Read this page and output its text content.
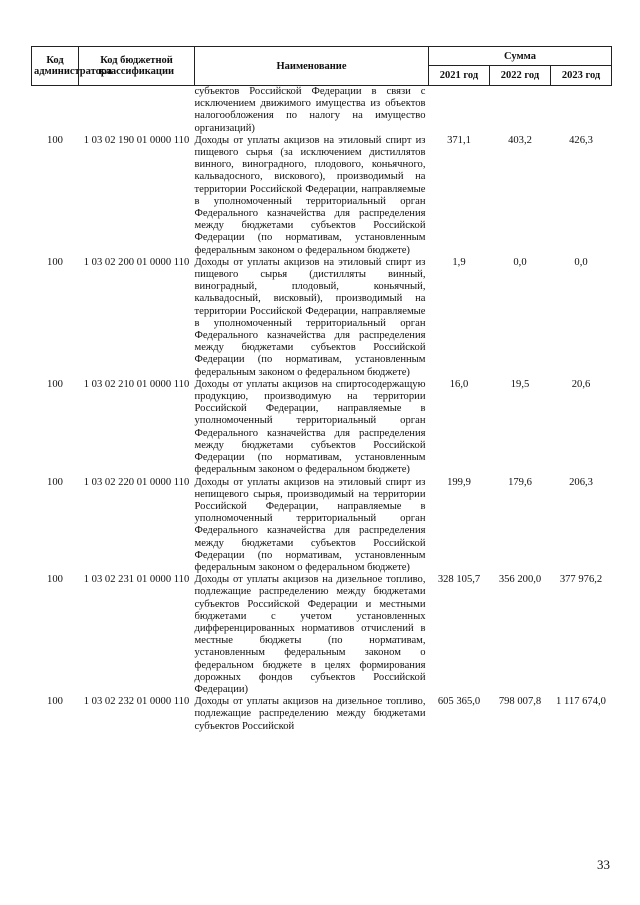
Код администратора	Код бюджетной классификации	Наименование	Сумма		
			2021 год	2022 год	2023 год
		субъектов Российской Федерации в связи с исключением движимого имущества из объектов налогообложения по налогу на имущество организаций)			
100	1 03 02 190 01 0000 110	Доходы от уплаты акцизов на этиловый спирт из пищевого сырья (за исключением дистиллятов винного, виноградного, плодового, коньячного, кальвадосного, вискового), производимый на территории Российской Федерации, направляемые в уполномоченный территориальный орган Федерального казначейства для распределения между бюджетами субъектов Российской Федерации (по нормативам, установленным федеральным законом о федеральном бюджете)	371,1	403,2	426,3
100	1 03 02 200 01 0000 110	Доходы от уплаты акцизов на этиловый спирт из пищевого сырья (дистилляты винный, виноградный, плодовый, коньячный, кальвадосный, висковый), производимый на территории Российской Федерации, направляемые в уполномоченный территориальный орган Федерального казначейства для распределения между бюджетами субъектов Российской Федерации (по нормативам, установленным федеральным законом о федеральном бюджете)	1,9	0,0	0,0
100	1 03 02 210 01 0000 110	Доходы от уплаты акцизов на спиртосодержащую продукцию, производимую на территории Российской Федерации, направляемые в уполномоченный территориальный орган Федерального казначейства для распределения между бюджетами субъектов Российской Федерации (по нормативам, установленным федеральным законом о федеральном бюджете)	16,0	19,5	20,6
100	1 03 02 220 01 0000 110	Доходы от уплаты акцизов на этиловый спирт из непищевого сырья, производимый на территории Российской Федерации, направляемые в уполномоченный территориальный орган Федерального казначейства для распределения между бюджетами субъектов Российской Федерации (по нормативам, установленным федеральным законом о федеральном бюджете)	199,9	179,6	206,3
100	1 03 02 231 01 0000 110	Доходы от уплаты акцизов на дизельное топливо, подлежащие распределению между бюджетами субъектов Российской Федерации и местными бюджетами с учетом установленных дифференцированных нормативов отчислений в местные бюджеты (по нормативам, установленным федеральным законом о федеральном бюджете в целях формирования дорожных фондов субъектов Российской Федерации)	328 105,7	356 200,0	377 976,2
100	1 03 02 232 01 0000 110	Доходы от уплаты акцизов на дизельное топливо, подлежащие распределению между бюджетами субъектов Российской	605 365,0	798 007,8	1 117 674,0
33
